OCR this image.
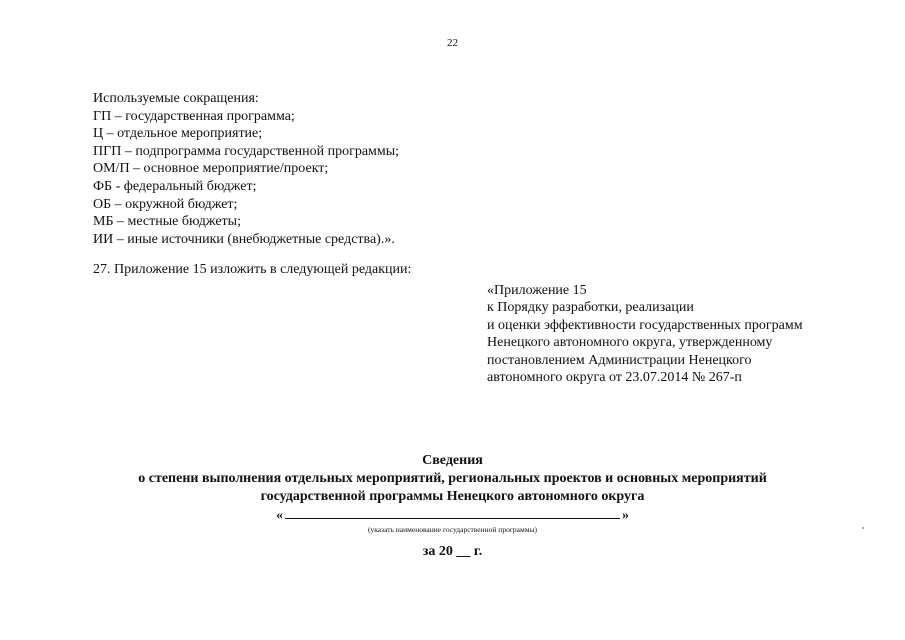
22
Используемые сокращения:
ГП – государственная программа;
Ц – отдельное мероприятие;
ПГП – подпрограмма государственной программы;
ОМ/П – основное мероприятие/проект;
ФБ - федеральный бюджет;
ОБ – окружной бюджет;
МБ – местные бюджеты;
ИИ – иные источники (внебюджетные средства).».
27. Приложение 15 изложить в следующей редакции:
«Приложение 15
к Порядку разработки, реализации
и оценки эффективности государственных программ
Ненецкого автономного округа, утвержденному
постановлением Администрации Ненецкого
автономного округа от 23.07.2014 № 267-п
Сведения
о степени выполнения отдельных мероприятий, региональных проектов и основных мероприятий
государственной программы Ненецкого автономного округа
«	»
(указать наименование государственной программы)
за 20 __ г.
